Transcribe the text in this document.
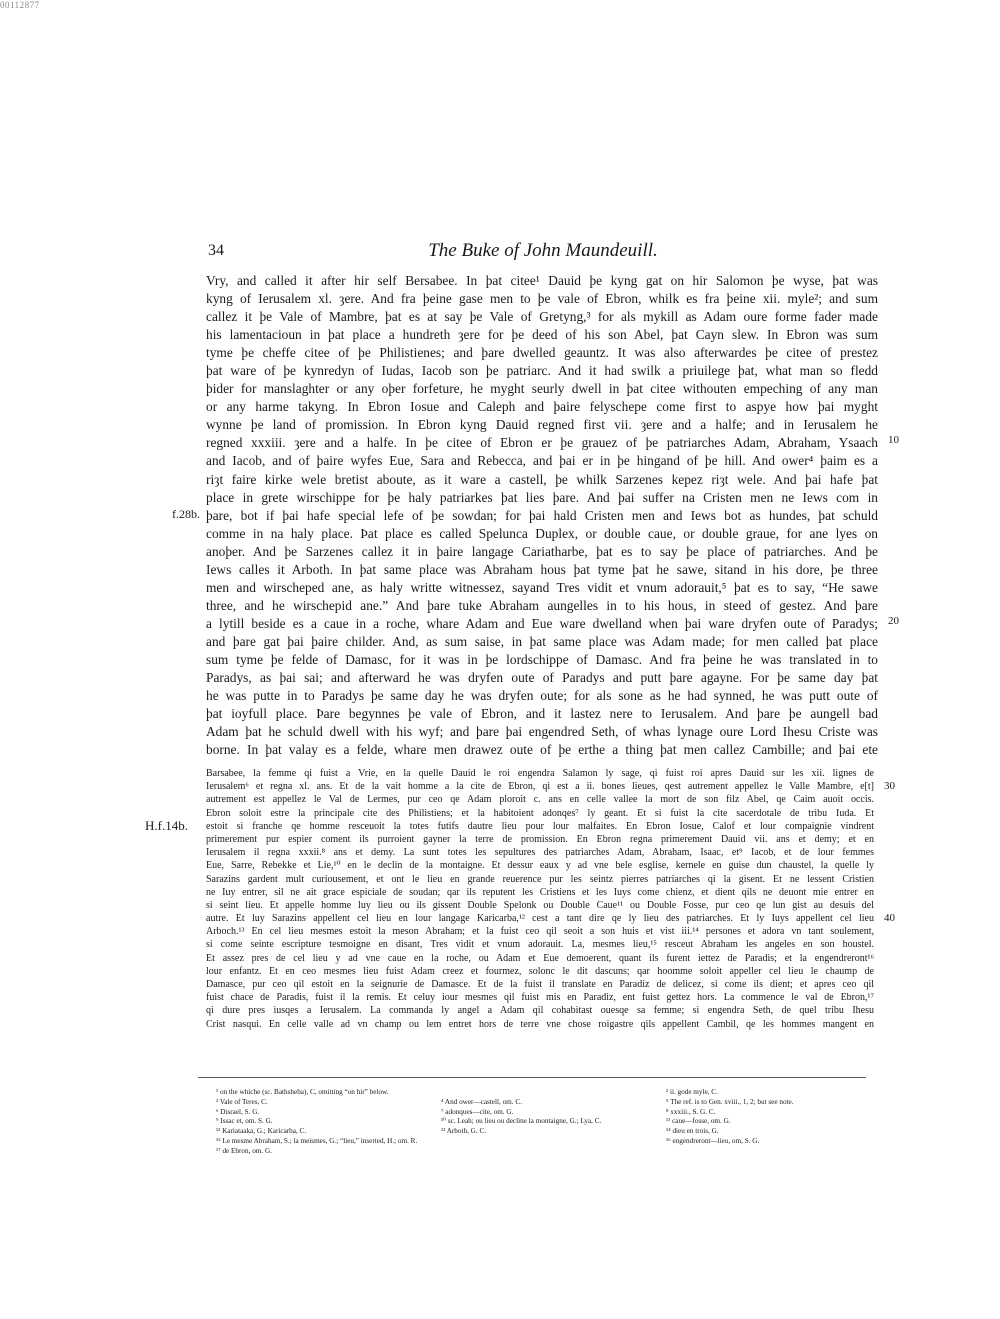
00112877
34	The Buke of John Maundeuill.
Vry, and called it after hir self Bersabee. In þat citee¹ Dauid þe kyng gat on hir Salomon þe wyse, þat was
kyng of Ierusalem xl. ȝere. And fra þeine gase men to þe vale of Ebron, whilk es fra þeine xii. myle²; and sum
callez it þe Vale of Mambre, þat es at say þe Vale of Gretyng,³ for als mykill as Adam oure forme fader made
his lamentacioun in þat place a hundreth ȝere for þe deed of his son Abel, þat Cayn slew. In Ebron was sum
tyme þe cheffe citee of þe Philistienes; and þare dwelled geauntz. It was also afterwardes þe citee of prestez
þat ware of þe kynredyn of Iudas, Iacob son þe patriarc. And it had swilk a priuilege þat, what man so fledd
þider for manslaghter or any oþer forfeture, he myght seurly dwell in þat citee withouten empeching of any man
or any harme takyng. In Ebron Iosue and Caleph and þaire felyschepe come first to aspye how þai myght
wynne þe land of promission. In Ebron kyng Dauid regned first vii. ȝere and a halfe; and in Ierusalem he
regned xxxiii. ȝere and a halfe. In þe citee of Ebron er þe grauez of þe patriarches Adam, Abraham, Ysaach 10
and Iacob, and of þaire wyfes Eue, Sara and Rebecca, and þai er in þe hingand of þe hill. And ower⁴ þaim es a
riȝt faire kirke wele bretist aboute, as it ware a castell, þe whilk Sarzenes kepez riȝt wele. And þai hafe þat
place in grete wirschippe for þe haly patriarkes þat lies þare. And þai suffer na Cristen men ne Iews com in
þare, bot if þai hafe special lefe of þe sowdan; for þai hald Cristen men and Iews bot as hundes, þat schuld
comme in na haly place. Þat place es called Spelunca Duplex, or double caue, or double graue, for ane lyes on
anoþer. And þe Sarzenes callez it in þaire langage Cariatharbe, þat es to say þe place of patriarches. And þe
Iews calles it Arboth. In þat same place was Abraham hous þat tyme þat he sawe, sitand in his dore, þe three
men and wirscheped ane, as haly writte witnessez, sayand Tres vidit et vnum adorauit,⁵ þat es to say, “He sawe
three, and he wirschepid ane.” And þare tuke Abraham aungelles in to his hous, in steed of gestez. And þare
a lytill beside es a caue in a roche, whare Adam and Eue ware dwelland when þai ware dryfen oute of Paradys; 20
and þare gat þai þaire childer. And, as sum saise, in þat same place was Adam made; for men called þat place
sum tyme þe felde of Damasc, for it was in þe lordschippe of Damasc. And fra þeine he was translated in to
Paradys, as þai sai; and afterward he was dryfen oute of Paradys and putt þare agayne. For þe same day þat
he was putte in to Paradys þe same day he was dryfen oute; for als sone as he had synned, he was putt oute of
þat ioyfull place. Þare begynnes þe vale of Ebron, and it lastez nere to Ierusalem. And þare þe aungell bad
Adam þat he schuld dwell with his wyf; and þare þai engendred Seth, of whas lynage oure Lord Ihesu Criste was
borne. In þat valay es a felde, whare men drawez oute of þe erthe a thing þat men callez Cambille; and þai ete
f.28b.
Barsabee, la femme qi fuist a Vrie, en la quelle Dauid le roi engendra Salamon ly sage, qi fuist roi apres Dauid sur les xii. lignes de
Ierusalem⁶ et regna xl. ans. Et de la vait homme a la cite de Ebron, qi est a ii. bones lieues, qest autrement appellez le Valle Mambre, e[t] 30
autrement est appellez le Val de Lermes, pur ceo qe Adam ploroit c. ans en celle vallee la mort de son filz Abel, qe Caim auoit occis.
Ebron soloit estre la principale cite des Philistiens; et la habitoient adonqes⁷ ly geant. Et si fuist la cite sacerdotale de tribu Iuda. Et
estoit si franche qe homme resceuoit la totes futifs dautre lieu pour lour malfaites. En Ebron Iosue, Calof et lour compaignie vindrent
primerement pur espier coment ils purroient gayner la terre de promission. En Ebron regna primerement Dauid vii. ans et demy; et en
Ierusalem il regna xxxii.⁸ ans et demy. La sunt totes les sepultures des patriarches Adam, Abraham, Isaac, et⁹ Iacob, et de lour femmes
Eue, Sarre, Rebekke et Lie,¹⁰ en le declin de la montaigne. Et dessur eaux y ad vne bele esglise, kernele en guise dun chaustel, la quelle ly
Sarazins gardent mult curiousement, et ont le lieu en grande reuerence pur les seintz pierres patriarches qi la gisent. Et ne lessent Cristien
ne Iuy entrer, sil ne ait grace espiciale de soudan; qar ils reputent les Cristiens et les Iuys come chienz, et dient qils ne deuont mie entrer en
si seint lieu. Et appelle homme luy lieu ou ils gissent Double Spelonk ou Double Caue¹¹ ou Double Fosse, pur ceo qe lun gist au desuis del
autre. Et luy Sarazins appellent cel lieu en lour langage Karicarba,¹² cest a tant dire qe ly lieu des patriarches. Et ly Iuys appellent cel lieu 40
Arboch.¹³ En cel lieu mesmes estoit la meson Abraham; et la fuist ceo qil seoit a son huis et vist iii.¹⁴ persones et adora vn tant soulement,
si come seinte escripture tesmoigne en disant, Tres vidit et vnum adorauit. La, mesmes lieu,¹⁵ resceut Abraham les angeles en son houstel.
Et assez pres de cel lieu y ad vne caue en la roche, ou Adam et Eue demoerent, quant ils furent iettez de Paradis; et la engendreront¹⁶
lour enfantz. Et en ceo mesmes lieu fuist Adam creez et fourmez, solonc le dit dascuns; qar hoomme soloit appeller cel lieu le chaump de
Damasce, pur ceo qil estoit en la seignurie de Damasce. Et de la fuist il translate en Paradiz de delicez, si come ils dient; et apres ceo qil
fuist chace de Paradis, fuist il la remis. Et celuy iour mesmes qil fuist mis en Paradiz, ent fuist gettez hors. La commence le val de Ebron,¹⁷
qi dure pres iusqes a Ierusalem. La commanda ly angel a Adam qil cohabitast ouesqe sa femme; si engendra Seth, de quel tribu Ihesu
Crist nasqui. En celle valle ad vn champ ou lem entret hors de terre vne chose roigastre qils appellent Cambil, qe les hommes mangent en
H.f.14b.
¹ on the whiche (sc. Bathsheba), C, omitting “on hir” below.
³ Vale of Teres, C.
⁶ Disrael, S. G.
⁹ Issac et, om. S. G.
¹² Kariataaka, G.; Karicarba, C.
¹⁵ Le mesme Abraham, S.; la meismes, G.; “lieu,” inserted, H.; om. R.
¹⁷ de Ebron, om. G.
⁴ And ower—castell, om. C.
⁷ adonques—cite, om. G.
¹⁰ sc. Leah; ou lieu ou decline la montaigne, G.; Lya, C.
¹³ Arboth, G. C.
² ii. gode myle, C.
⁵ The ref. is to Gen. xviii., 1, 2; but see note.
⁸ xxxiii., S. G. C.
¹¹ caue—fosse, om. G.
¹⁴ dieu en trois, G.
¹⁶ engendreront—lieu, om, S. G.
